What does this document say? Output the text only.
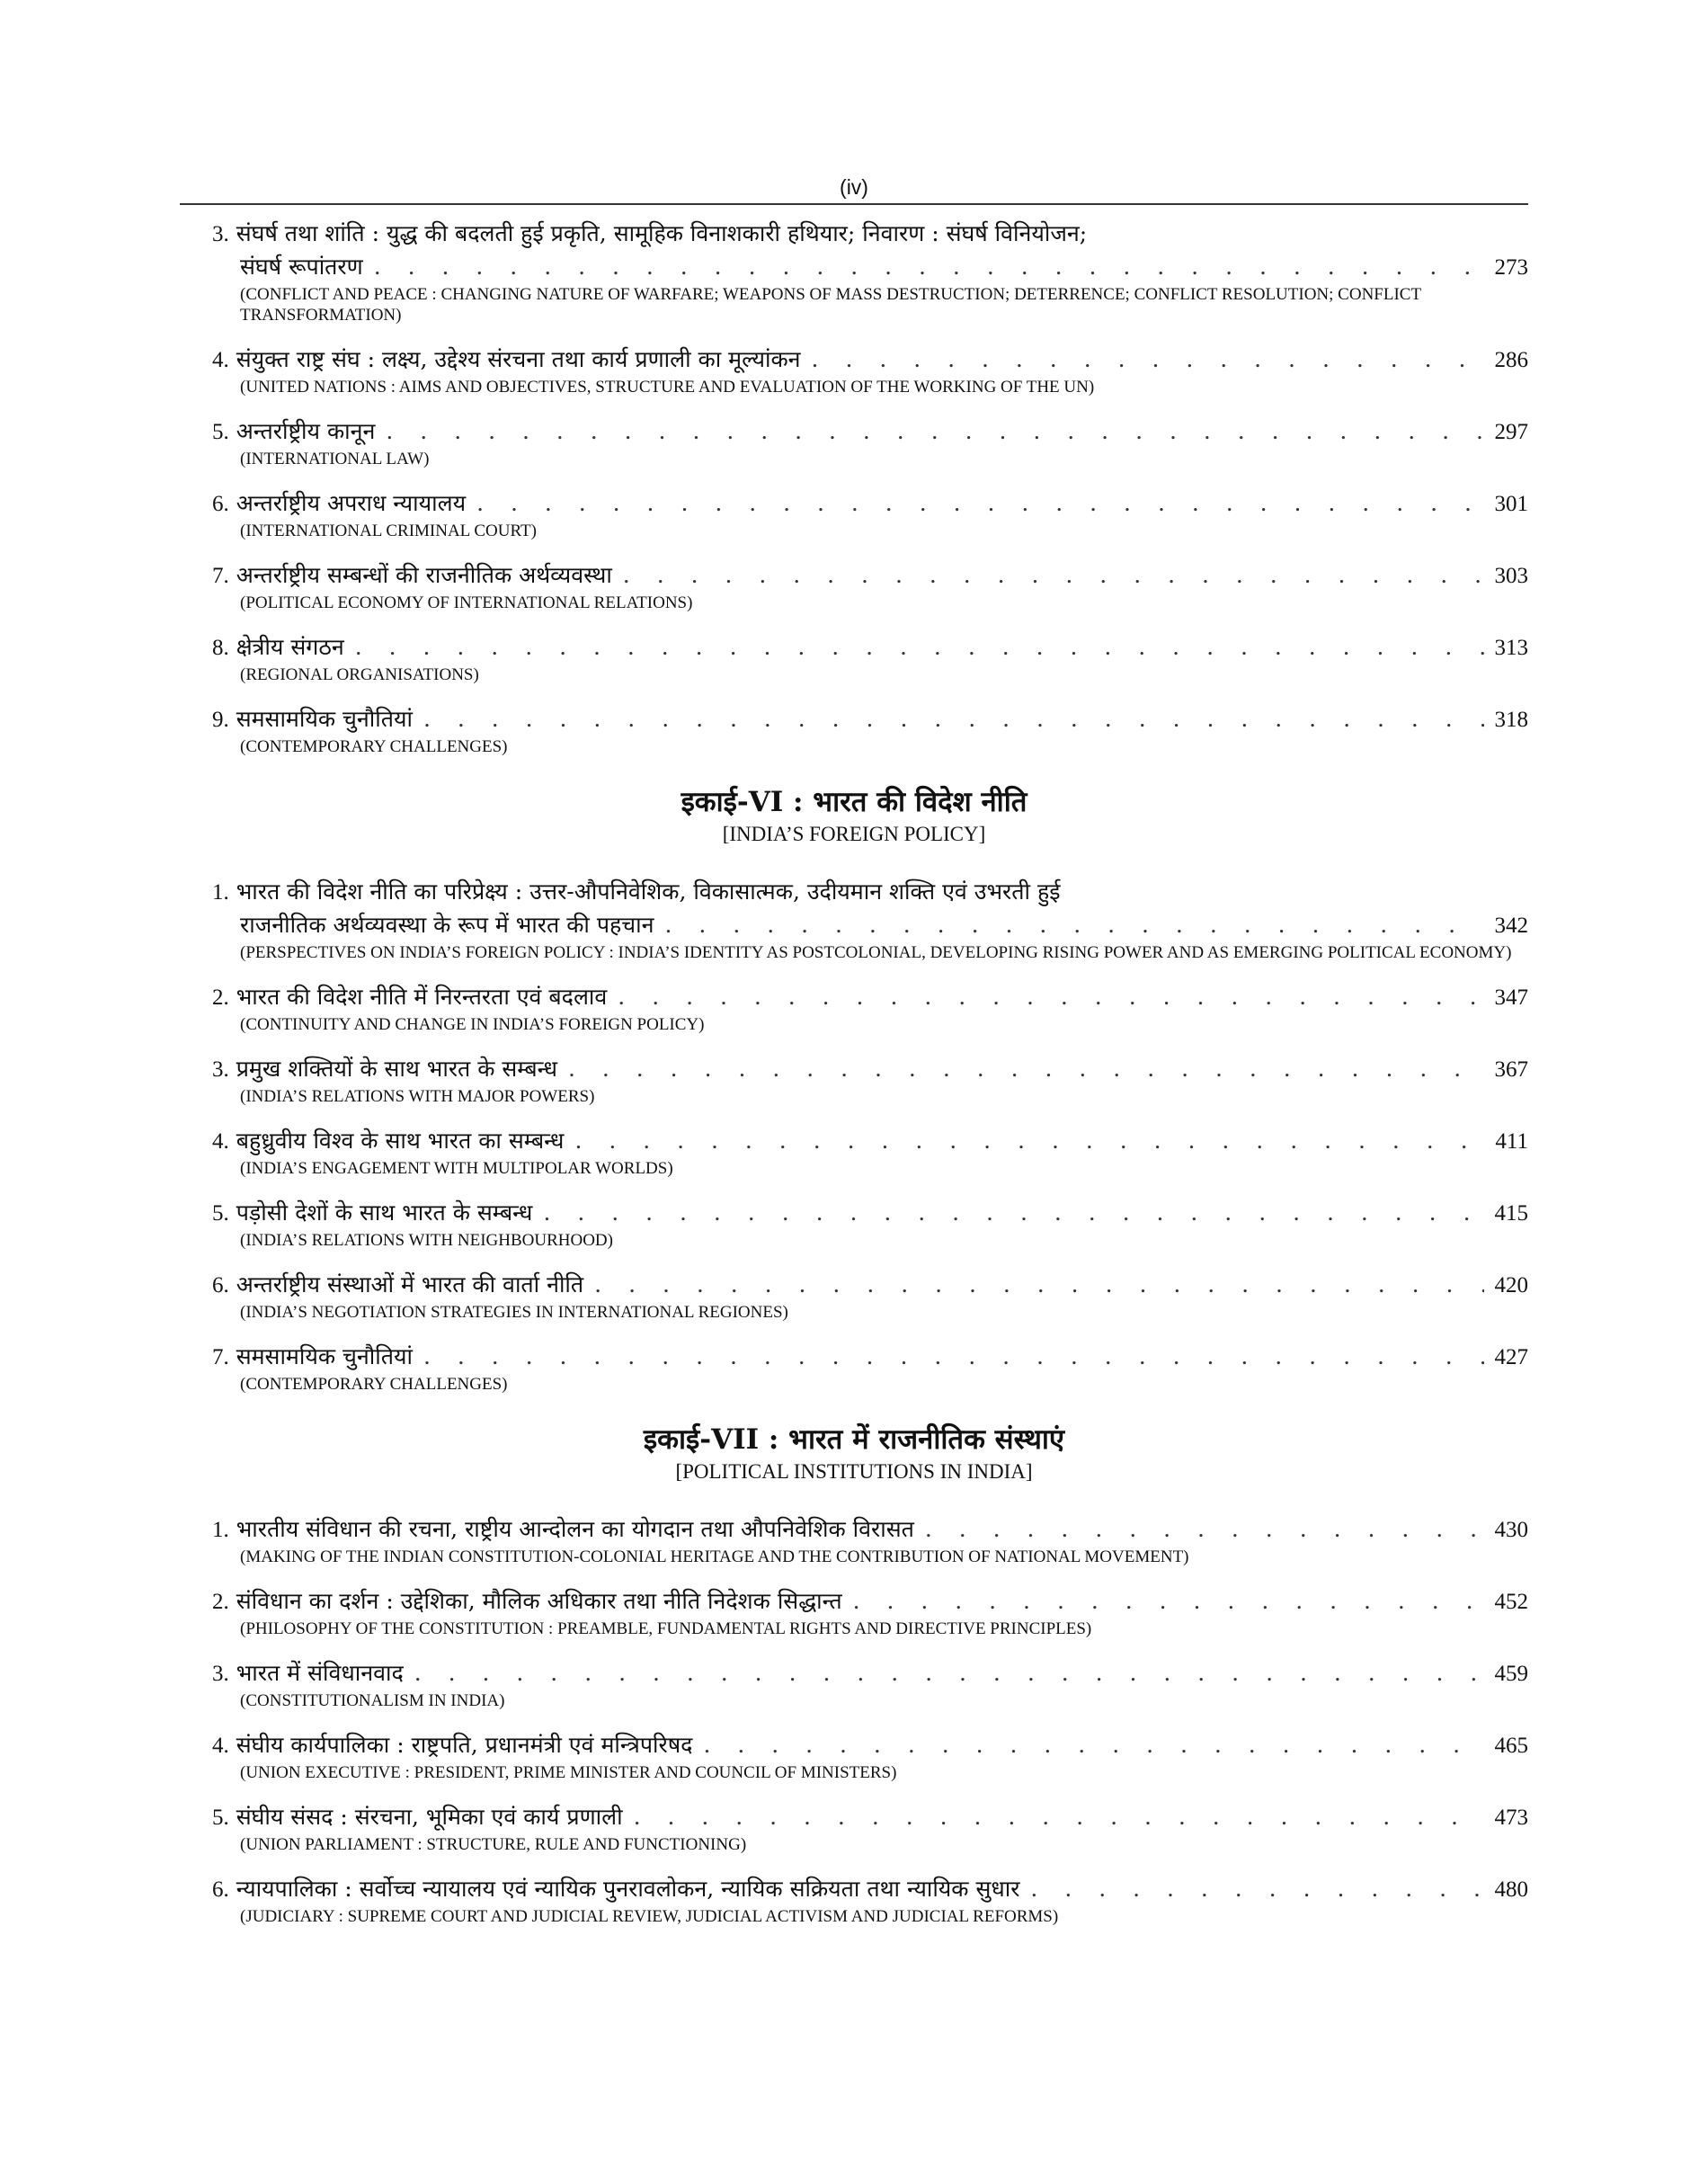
(iv)
3.
संघर्ष तथा शांति : युद्ध की बदलती हुई प्रकृति, सामूहिक विनाशकारी हथियार; निवारण : संघर्ष विनियोजन;
संघर्ष रूपांतरण . . .	273
(CONFLICT AND PEACE : CHANGING NATURE OF WARFARE; WEAPONS OF MASS DESTRUCTION; DETERRENCE; CONFLICT RESOLUTION; CONFLICT TRANSFORMATION)
4.
संयुक्त राष्ट्र संघ : लक्ष्य, उद्देश्य संरचना तथा कार्य प्रणाली का मूल्यांकन . . .	286
(UNITED NATIONS : AIMS AND OBJECTIVES, STRUCTURE AND EVALUATION OF THE WORKING OF THE UN)
5.
अन्तर्राष्ट्रीय कानून . . .	297
(INTERNATIONAL LAW)
6.
अन्तर्राष्ट्रीय अपराध न्यायालय . . .	301
(INTERNATIONAL CRIMINAL COURT)
7.
अन्तर्राष्ट्रीय सम्बन्धों की राजनीतिक अर्थव्यवस्था . . .	303
(POLITICAL ECONOMY OF INTERNATIONAL RELATIONS)
8.
क्षेत्रीय संगठन . . .	313
(REGIONAL ORGANISATIONS)
9.
समसामयिक चुनौतियां . . .	318
(CONTEMPORARY CHALLENGES)
इकाई-VI : भारत की विदेश नीति
[INDIA’S FOREIGN POLICY]
1.
भारत की विदेश नीति का परिप्रेक्ष्य : उत्तर-औपनिवेशिक, विकासात्मक, उदीयमान शक्ति एवं उभरती हुई
राजनीतिक अर्थव्यवस्था के रूप में भारत की पहचान . . .	342
(PERSPECTIVES ON INDIA’S FOREIGN POLICY : INDIA’S IDENTITY AS POSTCOLONIAL, DEVELOPING RISING POWER AND AS EMERGING POLITICAL ECONOMY)
2.
भारत की विदेश नीति में निरन्तरता एवं बदलाव . . .	347
(CONTINUITY AND CHANGE IN INDIA’S FOREIGN POLICY)
3.
प्रमुख शक्तियों के साथ भारत के सम्बन्ध . . .	367
(INDIA’S RELATIONS WITH MAJOR POWERS)
4.
बहुध्रुवीय विश्व के साथ भारत का सम्बन्ध . . .	411
(INDIA’S ENGAGEMENT WITH MULTIPOLAR WORLDS)
5.
पड़ोसी देशों के साथ भारत के सम्बन्ध . . .	415
(INDIA’S RELATIONS WITH NEIGHBOURHOOD)
6.
अन्तर्राष्ट्रीय संस्थाओं में भारत की वार्ता नीति . . .	420
(INDIA’S NEGOTIATION STRATEGIES IN INTERNATIONAL REGIONES)
7.
समसामयिक चुनौतियां . . .	427
(CONTEMPORARY CHALLENGES)
इकाई-VII : भारत में राजनीतिक संस्थाएं
[POLITICAL INSTITUTIONS IN INDIA]
1.
भारतीय संविधान की रचना, राष्ट्रीय आन्दोलन का योगदान तथा औपनिवेशिक विरासत . . .	430
(MAKING OF THE INDIAN CONSTITUTION-COLONIAL HERITAGE AND THE CONTRIBUTION OF NATIONAL MOVEMENT)
2.
संविधान का दर्शन : उद्देशिका, मौलिक अधिकार तथा नीति निदेशक सिद्धान्त . . .	452
(PHILOSOPHY OF THE CONSTITUTION : PREAMBLE, FUNDAMENTAL RIGHTS AND DIRECTIVE PRINCIPLES)
3.
भारत में संविधानवाद . . .	459
(CONSTITUTIONALISM IN INDIA)
4.
संघीय कार्यपालिका : राष्ट्रपति, प्रधानमंत्री एवं मन्त्रिपरिषद . . .	465
(UNION EXECUTIVE : PRESIDENT, PRIME MINISTER AND COUNCIL OF MINISTERS)
5.
संघीय संसद : संरचना, भूमिका एवं कार्य प्रणाली . . .	473
(UNION PARLIAMENT : STRUCTURE, RULE AND FUNCTIONING)
6.
न्यायपालिका : सर्वोच्च न्यायालय एवं न्यायिक पुनरावलोकन, न्यायिक सक्रियता तथा न्यायिक सुधार . . .	480
(JUDICIARY : SUPREME COURT AND JUDICIAL REVIEW, JUDICIAL ACTIVISM AND JUDICIAL REFORMS)
